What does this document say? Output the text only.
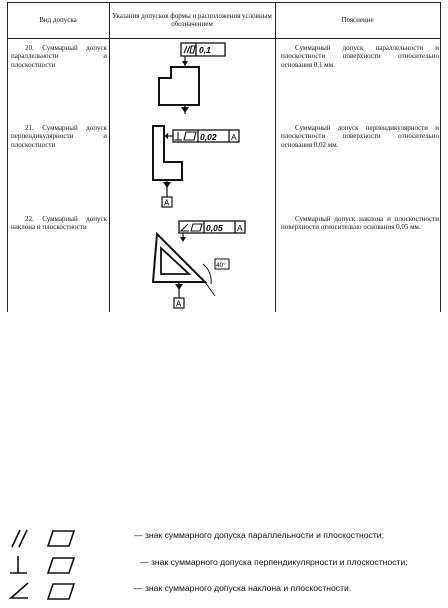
Вид допуска	Указания допусков формы и расположения условным обозначением	Пояснение
20. Суммарный допуск параллельности и плоскостности
Суммарный допуск параллельности и плоскостности поверхности относительно основания 0,1 мм.
0,1
21. Суммарный допуск перпендикулярности и плоскостности
Суммарный допуск перпендикулярности и плоскостности поверхности относительно основания 0,02 мм.
0,02 A
A
22. Суммарный допуск наклона и плоскостности
Суммарный допуск наклона и плоскостности поверхности относительно основания 0,05 мм.
0,05 A
40°
A
— знак суммарного допуска параллельности и плоскостности;
— знак суммарного допуска перпендикулярности и плоскостности;
— знак суммарного допуска наклона и плоскостности.
